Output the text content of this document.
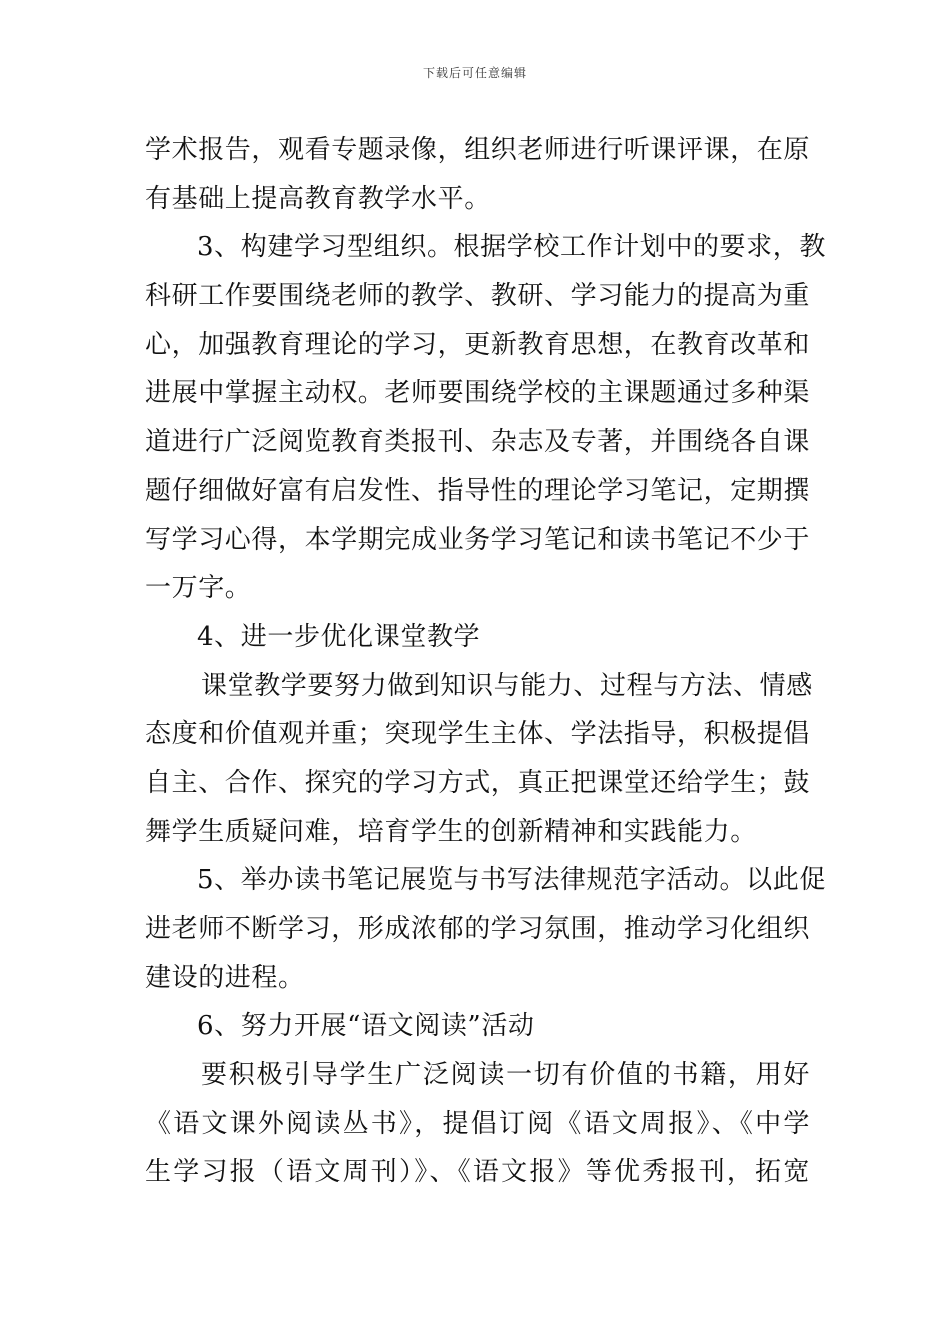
下载后可任意编辑
学术报告，观看专题录像，组织老师进行听课评课，在原
有基础上提高教育教学水平。
3、构建学习型组织。根据学校工作计划中的要求，教
科研工作要围绕老师的教学、教研、学习能力的提高为重
心，加强教育理论的学习，更新教育思想，在教育改革和
进展中掌握主动权。老师要围绕学校的主课题通过多种渠
道进行广泛阅览教育类报刊、杂志及专著，并围绕各自课
题仔细做好富有启发性、指导性的理论学习笔记，定期撰
写学习心得，本学期完成业务学习笔记和读书笔记不少于
一万字。
4、进一步优化课堂教学
课堂教学要努力做到知识与能力、过程与方法、情感
态度和价值观并重；突现学生主体、学法指导，积极提倡
自主、合作、探究的学习方式，真正把课堂还给学生；鼓
舞学生质疑问难，培育学生的创新精神和实践能力。
5、举办读书笔记展览与书写法律规范字活动。以此促
进老师不断学习，形成浓郁的学习氛围，推动学习化组织
建设的进程。
6、努力开展“语文阅读”活动
要积极引导学生广泛阅读一切有价值的书籍，用好
《语文课外阅读丛书》，提倡订阅《语文周报》、《中学
生学习报（语文周刊）》、《语文报》等优秀报刊，拓宽
